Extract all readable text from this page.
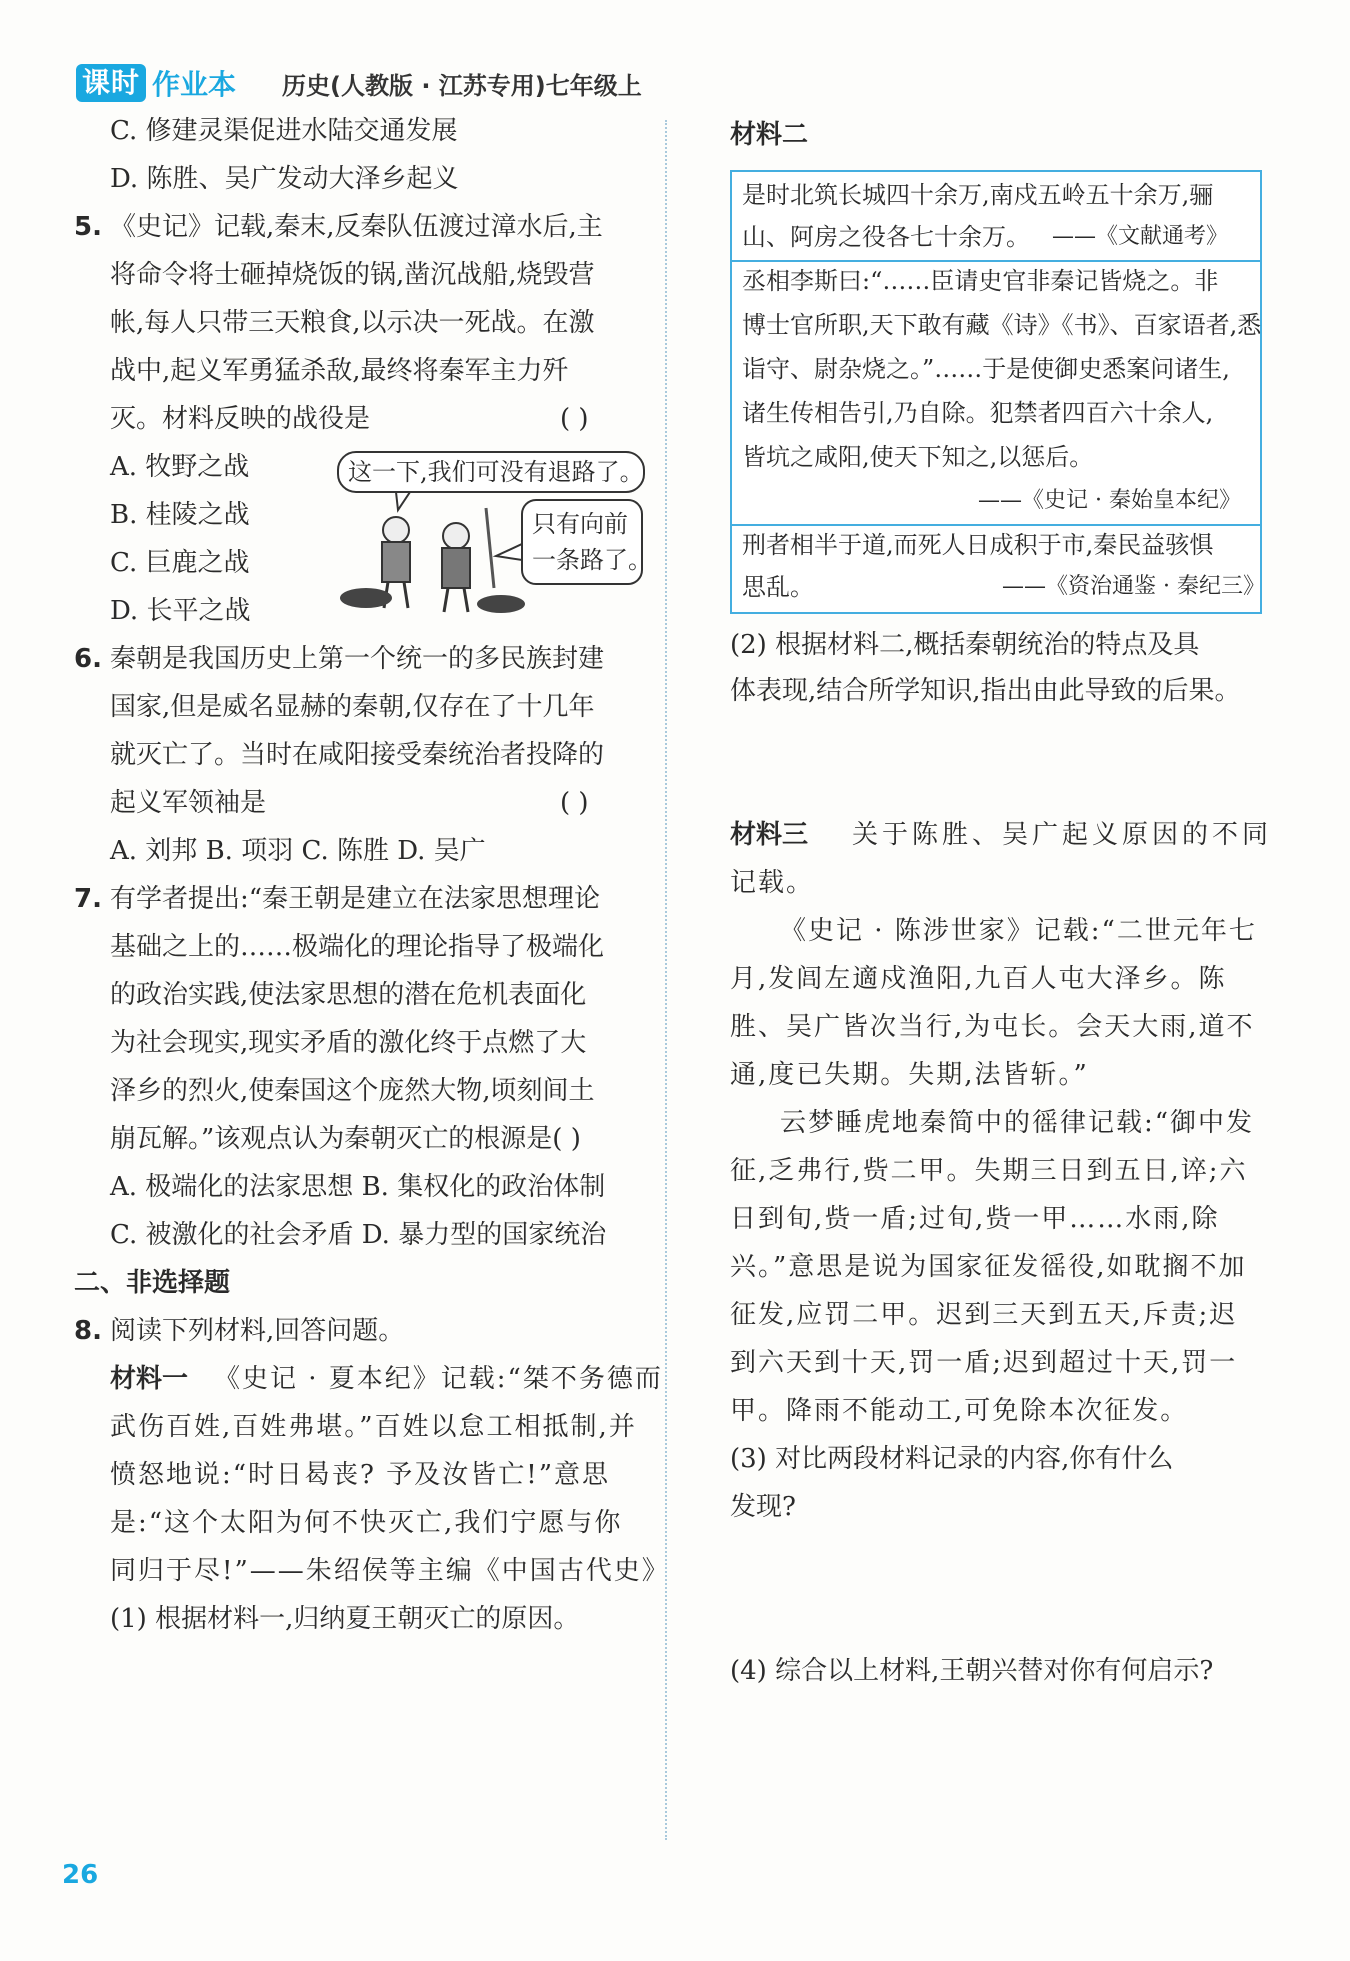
课时 作业本 历史(人教版 · 江苏专用)七年级上
C. 修建灵渠促进水陆交通发展
D. 陈胜、吴广发动大泽乡起义
5. 《史记》记载,秦末,反秦队伍渡过漳水后,主
将命令将士砸掉烧饭的锅,凿沉战船,烧毁营
帐,每人只带三天粮食,以示决一死战。在激
战中,起义军勇猛杀敌,最终将秦军主力歼
灭。材料反映的战役是	( )
A. 牧野之战
B. 桂陵之战
C. 巨鹿之战
D. 长平之战
这一下,我们可没有退路了。
只有向前
一条路了。
6. 秦朝是我国历史上第一个统一的多民族封建
国家,但是威名显赫的秦朝,仅存在了十几年
就灭亡了。当时在咸阳接受秦统治者投降的
起义军领袖是	( )
A. 刘邦 B. 项羽 C. 陈胜 D. 吴广
7. 有学者提出:“秦王朝是建立在法家思想理论
基础之上的……极端化的理论指导了极端化
的政治实践,使法家思想的潜在危机表面化
为社会现实,现实矛盾的激化终于点燃了大
泽乡的烈火,使秦国这个庞然大物,顷刻间土
崩瓦解。”该观点认为秦朝灭亡的根源是( )
A. 极端化的法家思想 B. 集权化的政治体制
C. 被激化的社会矛盾 D. 暴力型的国家统治
二、非选择题
8. 阅读下列材料,回答问题。
材料一 《史记 · 夏本纪》记载:“桀不务德而
武伤百姓,百姓弗堪。”百姓以怠工相抵制,并
愤怒地说:“时日曷丧? 予及汝皆亡!”意思
是:“这个太阳为何不快灭亡,我们宁愿与你
同归于尽!”——朱绍侯等主编《中国古代史》
(1) 根据材料一,归纳夏王朝灭亡的原因。
材料二
是时北筑长城四十余万,南戍五岭五十余万,骊
山、阿房之役各七十余万。 ——《文献通考》
丞相李斯曰:“……臣请史官非秦记皆烧之。非
博士官所职,天下敢有藏《诗》《书》、百家语者,悉
诣守、尉杂烧之。”……于是使御史悉案问诸生,
诸生传相告引,乃自除。犯禁者四百六十余人,
皆坑之咸阳,使天下知之,以惩后。
——《史记 · 秦始皇本纪》
刑者相半于道,而死人日成积于市,秦民益骇惧
思乱。	——《资治通鉴 · 秦纪三》
(2) 根据材料二,概括秦朝统治的特点及具
体表现,结合所学知识,指出由此导致的后果。
材料三 关于陈胜、吴广起义原因的不同
记载。
《史记 · 陈涉世家》记载:“二世元年七
月,发闾左適戍渔阳,九百人屯大泽乡。陈
胜、吴广皆次当行,为屯长。会天大雨,道不
通,度已失期。失期,法皆斩。”
云梦睡虎地秦简中的徭律记载:“御中发
征,乏弗行,赀二甲。失期三日到五日,谇;六
日到旬,赀一盾;过旬,赀一甲……水雨,除
兴。”意思是说为国家征发徭役,如耽搁不加
征发,应罚二甲。迟到三天到五天,斥责;迟
到六天到十天,罚一盾;迟到超过十天,罚一
甲。降雨不能动工,可免除本次征发。
(3) 对比两段材料记录的内容,你有什么
发现?
(4) 综合以上材料,王朝兴替对你有何启示?
26
